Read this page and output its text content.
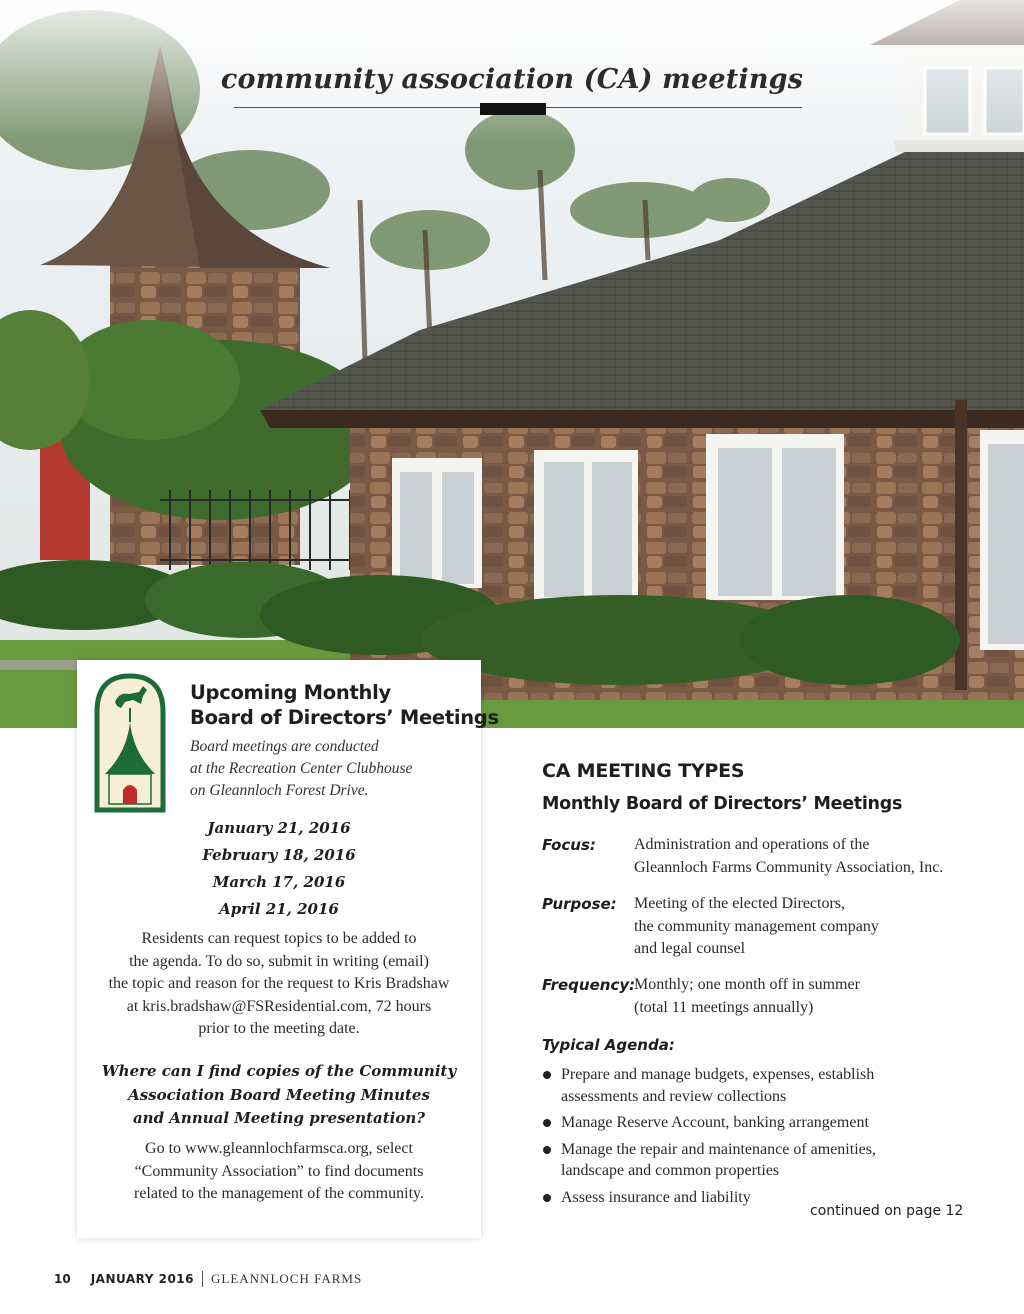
community association (CA) meetings
Upcoming Monthly
Board of Directors’ Meetings

Board meetings are conducted
at the Recreation Center Clubhouse
on Gleannloch Forest Drive.

January 21, 2016
February 18, 2016
March 17, 2016
April 21, 2016

Residents can request topics to be added to
the agenda. To do so, submit in writing (email)
the topic and reason for the request to Kris Bradshaw
at kris.bradshaw@FSResidential.com, 72 hours
prior to the meeting date.

Where can I find copies of the Community
Association Board Meeting Minutes
and Annual Meeting presentation?

Go to www.gleannlochfarmsca.org, select
“Community Association” to find documents
related to the management of the community.

CA MEETING TYPES
Monthly Board of Directors’ Meetings
Focus: Administration and operations of the
Gleannloch Farms Community Association, Inc.
Purpose: Meeting of the elected Directors,
the community management company
and legal counsel
Frequency:
Monthly; one month off in summer
(total 11 meetings annually)
Typical Agenda:
Prepare and manage budgets, expenses, establish
assessments and review collections
Manage Reserve Account, banking arrangement
Manage the repair and maintenance of amenities,
landscape and common properties
Assess insurance and liability
continued on page 12
10 JANUARY 2016 GLEANNLOCH FARMS
